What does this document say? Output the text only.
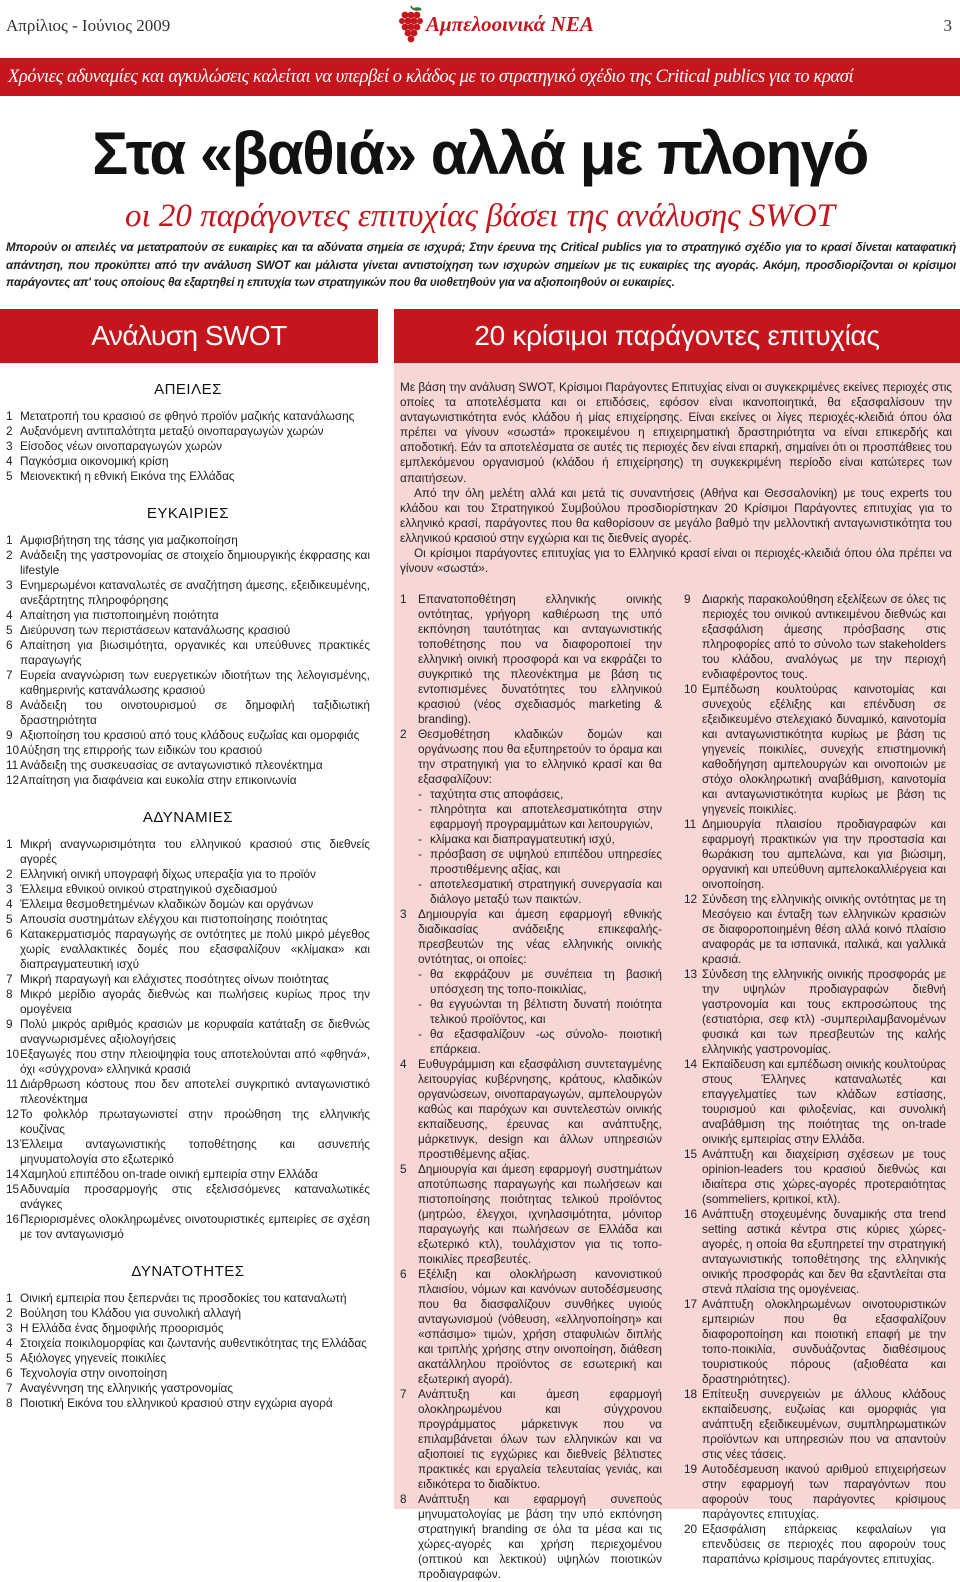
Απρίλιος - Ιούνιος 2009	Αμπελοοινικά ΝΕΑ	3
Χρόνιες αδυναμίες και αγκυλώσεις καλείται να υπερβεί ο κλάδος με το στρατηγικό σχέδιο της Critical publics για το κρασί
Στα «βαθιά» αλλά με πλοηγό
οι 20 παράγοντες επιτυχίας βάσει της ανάλυσης SWOT

Μπορούν οι απειλές να μετατραπούν σε ευκαιρίες και τα αδύνατα σημεία σε ισχυρά; Στην έρευνα της Critical publics για το στρατηγικό σχέδιο για το κρασί δίνεται καταφατική απάντηση, που προκύπτει από την ανάλυση SWOT και μάλιστα γίνεται αντιστοίχηση των ισχυρών σημείων με τις ευκαιρίες της αγοράς. Ακόμη, προσδιορίζονται οι κρίσιμοι παράγοντες απ' τους οποίους θα εξαρτηθεί η επιτυχία των στρατηγικών που θα υιοθετηθούν για να αξιοποιηθούν οι ευκαιρίες.

Ανάλυση SWOT	20 κρίσιμοι παράγοντες επιτυχίας
ΑΠΕΙΛΕΣ
1 Μετατροπή του κρασιού σε φθηνό προϊόν μαζικής κατανάλωσης
2 Αυξανόμενη αντιπαλότητα μεταξύ οινοπαραγωγών χωρών
3 Είσοδος νέων οινοπαραγωγών χωρών
4 Παγκόσμια οικονομική κρίση
5 Μειονεκτική η εθνική Εικόνα της Ελλάδας
ΕΥΚΑΙΡΙΕΣ
1 Αμφισβήτηση της τάσης για μαζικοποίηση
2 Ανάδειξη της γαστρονομίας σε στοιχείο δημιουργικής έκφρασης και lifestyle
3 Ενημερωμένοι καταναλωτές σε αναζήτηση άμεσης, εξειδικευμένης, ανεξάρτητης πληροφόρησης
4 Απαίτηση για πιστοποιημένη ποιότητα
5 Διεύρυνση των περιστάσεων κατανάλωσης κρασιού
6 Απαίτηση για βιωσιμότητα, οργανικές και υπεύθυνες πρακτικές παραγωγής
7 Ευρεία αναγνώριση των ευεργετικών ιδιοτήτων της λελογισμένης, καθημερινής κατανάλωσης κρασιού
8 Ανάδειξη του οινοτουρισμού σε δημοφιλή ταξιδιωτική δραστηριότητα
9 Αξιοποίηση του κρασιού από τους κλάδους ευζωΐας και ομορφιάς
10 Αύξηση της επιρροής των ειδικών του κρασιού
11 Ανάδειξη της συσκευασίας σε ανταγωνιστικό πλεονέκτημα
12 Απαίτηση για διαφάνεια και ευκολία στην επικοινωνία
ΑΔΥΝΑΜΙΕΣ
1 Μικρή αναγνωρισιμότητα του ελληνικού κρασιού στις διεθνείς αγορές
2 Ελληνική οινική υπογραφή δίχως υπεραξία για το προϊόν
3 Έλλειμα εθνικού οινικού στρατηγικού σχεδιασμού
4 Έλλειμα θεσμοθετημένων κλαδικών δομών και οργάνων
5 Απουσία συστημάτων ελέγχου και πιστοποίησης ποιότητας
6 Κατακερματισμός παραγωγής σε οντότητες με πολύ μικρό μέγεθος χωρίς εναλλακτικές δομές που εξασφαλίζουν «κλίμακα» και διαπραγματευτική ισχύ
7 Μικρή παραγωγή και ελάχιστες ποσότητες οίνων ποιότητας
8 Μικρό μερίδιο αγοράς διεθνώς και πωλήσεις κυρίως προς την ομογένεια
9 Πολύ μικρός αριθμός κρασιών με κορυφαία κατάταξη σε διεθνώς αναγνωρισμένες αξιολογήσεις
10 Εξαγωγές που στην πλειοψηφία τους αποτελούνται από «φθηνά», όχι «σύγχρονα» ελληνικά κρασιά
11 Διάρθρωση κόστους που δεν αποτελεί συγκριτικό ανταγωνιστικό πλεονέκτημα
12 Το φολκλόρ πρωταγωνιστεί στην προώθηση της ελληνικής κουζίνας
13 Έλλειμα ανταγωνιστικής τοποθέτησης και ασυνεπής μηνυματολογία στο εξωτερικό
14 Χαμηλού επιπέδου on-trade οινική εμπειρία στην Ελλάδα
15 Αδυναμία προσαρμογής στις εξελισσόμενες καταναλωτικές ανάγκες
16 Περιορισμένες ολοκληρωμένες οινοτουριστικές εμπειρίες σε σχέση με τον ανταγωνισμό
ΔΥΝΑΤΟΤΗΤΕΣ
1 Οινική εμπειρία που ξεπερνάει τις προσδοκίες του καταναλωτή
2 Βούληση του Κλάδου για συνολική αλλαγή
3 Η Ελλάδα ένας δημοφιλής προορισμός
4 Στοιχεία ποικιλομορφίας και ζωντανής αυθεντικότητας της Ελλάδας
5 Αξιόλογες γηγενείς ποικιλίες
6 Τεχνολογία στην οινοποίηση
7 Αναγέννηση της ελληνικής γαστρονομίας
8 Ποιοτική Εικόνα του ελληνικού κρασιού στην εγχώρια αγορά

Με βάση την ανάλυση SWOT, Κρίσιμοι Παράγοντες Επιτυχίας είναι οι συγκεκριμένες εκείνες περιοχές στις οποίες τα αποτελέσματα και οι επιδόσεις, εφόσον είναι ικανοποιητικά, θα εξασφαλίσουν την ανταγωνιστικότητα ενός κλάδου ή μίας επιχείρησης. Είναι εκείνες οι λίγες περιοχές-κλειδιά όπου όλα πρέπει να γίνουν «σωστά» προκειμένου η επιχειρηματική δραστηριότητα να είναι επικερδής και αποδοτική. Εάν τα αποτελέσματα σε αυτές τις περιοχές δεν είναι επαρκή, σημαίνει ότι οι προσπάθειες του εμπλεκόμενου οργανισμού (κλάδου ή επιχείρησης) τη συγκεκριμένη περίοδο είναι κατώτερες των απαιτήσεων.

Από την όλη μελέτη αλλά και μετά τις συναντήσεις (Αθήνα και Θεσσαλονίκη) με τους experts του κλάδου και του Στρατηγικού Συμβούλου προσδιορίστηκαν 20 Κρίσιμοι Παράγοντες επιτυχίας για το ελληνικό κρασί, παράγοντες που θα καθορίσουν σε μεγάλο βαθμό την μελλοντική ανταγωνιστικότητα του ελληνικού κρασιού στην εγχώρια και τις διεθνείς αγορές.

Οι κρίσιμοι παράγοντες επιτυχίας για το Ελληνικό κρασί είναι οι περιοχές-κλειδιά όπου όλα πρέπει να γίνουν «σωστά».

1 Επανατοποθέτηση ελληνικής οινικής οντότητας, γρήγορη καθιέρωση της υπό εκπόνηση ταυτότητας και ανταγωνιστικής τοποθέτησης που να διαφοροποιεί την ελληνική οινική προσφορά και να εκφράζει το συγκριτικό της πλεονέκτημα με βάση τις εντοπισμένες δυνατότητες του ελληνικού κρασιού (νέος σχεδιασμός marketing & branding).
2 Θεσμοθέτηση κλαδικών δομών και οργάνωσης που θα εξυπηρετούν το όραμα και την στρατηγική για το ελληνικό κρασί και θα εξασφαλίζουν:
- ταχύτητα στις αποφάσεις,
- πληρότητα και αποτελεσματικότητα στην εφαρμογή προγραμμάτων και λειτουργιών,
- κλίμακα και διαπραγματευτική ισχύ,
- πρόσβαση σε υψηλού επιπέδου υπηρεσίες προστιθέμενης αξίας, και
- αποτελεσματική στρατηγική συνεργασία και διάλογο μεταξύ των παικτών.
3 Δημιουργία και άμεση εφαρμογή εθνικής διαδικασίας ανάδειξης επικεφαλής-πρεσβευτών της νέας ελληνικής οινικής οντότητας, οι οποίες:
- θα εκφράζουν με συνέπεια τη βασική υπόσχεση της τοπο-ποικιλίας,
- θα εγγυώνται τη βέλτιστη δυνατή ποιότητα τελικού προϊόντος, και
- θα εξασφαλίζουν -ως σύνολο- ποιοτική επάρκεια.
4 Ευθυγράμμιση και εξασφάλιση συντεταγμένης λειτουργίας κυβέρνησης, κράτους, κλαδικών οργανώσεων, οινοπαραγωγών, αμπελουργών καθώς και παρόχων και συντελεστών οινικής εκπαίδευσης, έρευνας και ανάπτυξης, μάρκετινγκ, design και άλλων υπηρεσιών προστιθέμενης αξίας.
5 Δημιουργία και άμεση εφαρμογή συστημάτων αποτύπωσης παραγωγής και πωλήσεων και πιστοποίησης ποιότητας τελικού προϊόντος (μητρώο, έλεγχοι, ιχνηλασιμότητα, μόνιτορ παραγωγής και πωλήσεων σε Ελλάδα και εξωτερικό κτλ), τουλάχιστον για τις τοπο-ποικιλίες πρεσβευτές.
6 Εξέλιξη και ολοκλήρωση κανονιστικού πλαισίου, νόμων και κανόνων αυτοδέσμευσης που θα διασφαλίζουν συνθήκες υγιούς ανταγωνισμού (νόθευση, «ελληνοποίηση» και «σπάσιμο» τιμών, χρήση σταφυλιών διπλής και τριπλής χρήσης στην οινοποίηση, διάθεση ακατάλληλου προϊόντος σε εσωτερική και εξωτερική αγορά).
7 Ανάπτυξη και άμεση εφαρμογή ολοκληρωμένου και σύγχρονου προγράμματος μάρκετινγκ που να επιλαμβάνεται όλων των ελληνικών και να αξιοποιεί τις εγχώριες και διεθνείς βέλτιστες πρακτικές και εργαλεία τελευταίας γενιάς, και ειδικότερα το διαδίκτυο.
8 Ανάπτυξη και εφαρμογή συνεπούς μηνυματολογίας με βάση την υπό εκπόνηση στρατηγική branding σε όλα τα μέσα και τις χώρες-αγορές και χρήση περιεχομένου (οπτικού και λεκτικού) υψηλών ποιοτικών προδιαγραφών.
9 Διαρκής παρακολούθηση εξελίξεων σε όλες τις περιοχές του οινικού αντικειμένου διεθνώς και εξασφάλιση άμεσης πρόσβασης στις πληροφορίες από το σύνολο των stakeholders του κλάδου, αναλόγως με την περιοχή ενδιαφέροντος τους.
10 Εμπέδωση κουλτούρας καινοτομίας και συνεχούς εξέλιξης και επένδυση σε εξειδικευμένο στελεχιακό δυναμικό, καινοτομία και ανταγωνιστικότητα κυρίως με βάση τις γηγενείς ποικιλίες, συνεχής επιστημονική καθοδήγηση αμπελουργών και οινοποιών με στόχο ολοκληρωτική αναβάθμιση, καινοτομία και ανταγωνιστικότητα κυρίως με βάση τις γηγενείς ποικιλίες.
11 Δημιουργία πλαισίου προδιαγραφών και εφαρμογή πρακτικών για την προστασία και θωράκιση του αμπελώνα, και για βιώσιμη, οργανική και υπεύθυνη αμπελοκαλλιέργεια και οινοποίηση.
12 Σύνδεση της ελληνικής οινικής οντότητας με τη Μεσόγειο και ένταξη των ελληνικών κρασιών σε διαφοροποιημένη θέση αλλά κοινό πλαίσιο αναφοράς με τα ισπανικά, ιταλικά, και γαλλικά κρασιά.
13 Σύνδεση της ελληνικής οινικής προσφοράς με την υψηλών προδιαγραφών διεθνή γαστρονομία και τους εκπροσώπους της (εστιατόρια, σεφ κτλ) -συμπεριλαμβανομένων φυσικά και των πρεσβευτών της καλής ελληνικής γαστρονομίας.
14 Εκπαίδευση και εμπέδωση οινικής κουλτούρας στους Έλληνες καταναλωτές και επαγγελματίες των κλάδων εστίασης, τουρισμού και φιλοξενίας, και συνολική αναβάθμιση της ποιότητας της on-trade οινικής εμπειρίας στην Ελλάδα.
15 Ανάπτυξη και διαχείριση σχέσεων με τους opinion-leaders του κρασιού διεθνώς και ιδιαίτερα στις χώρες-αγορές προτεραιότητας (sommeliers, κριτικοί, κτλ).
16 Ανάπτυξη στοχευμένης δυναμικής στα trend setting αστικά κέντρα στις κύριες χώρες-αγορές, η οποία θα εξυπηρετεί την στρατηγική ανταγωνιστικής τοποθέτησης της ελληνικής οινικής προσφοράς και δεν θα εξαντλείται στα στενά πλαίσια της ομογένειας.
17 Ανάπτυξη ολοκληρωμένων οινοτουριστικών εμπειριών που θα εξασφαλίζουν διαφοροποίηση και ποιοτική επαφή με την τοπο-ποικιλία, συνδυάζοντας διαθέσιμους τουριστικούς πόρους (αξιοθέατα και δραστηριότητες).
18 Επίτευξη συνεργειών με άλλους κλάδους εκπαίδευσης, ευζωίας και ομορφιάς για ανάπτυξη εξειδικευμένων, συμπληρωματικών προϊόντων και υπηρεσιών που να απαντούν στις νέες τάσεις.
19 Αυτοδέσμευση ικανού αριθμού επιχειρήσεων στην εφαρμογή των παραγόντων που αφορούν τους παράγοντες κρίσιμους παράγοντες επιτυχίας.
20 Εξασφάλιση επάρκειας κεφαλαίων για επενδύσεις σε περιοχές που αφορούν τους παραπάνω κρίσιμους παράγοντες επιτυχίας.
